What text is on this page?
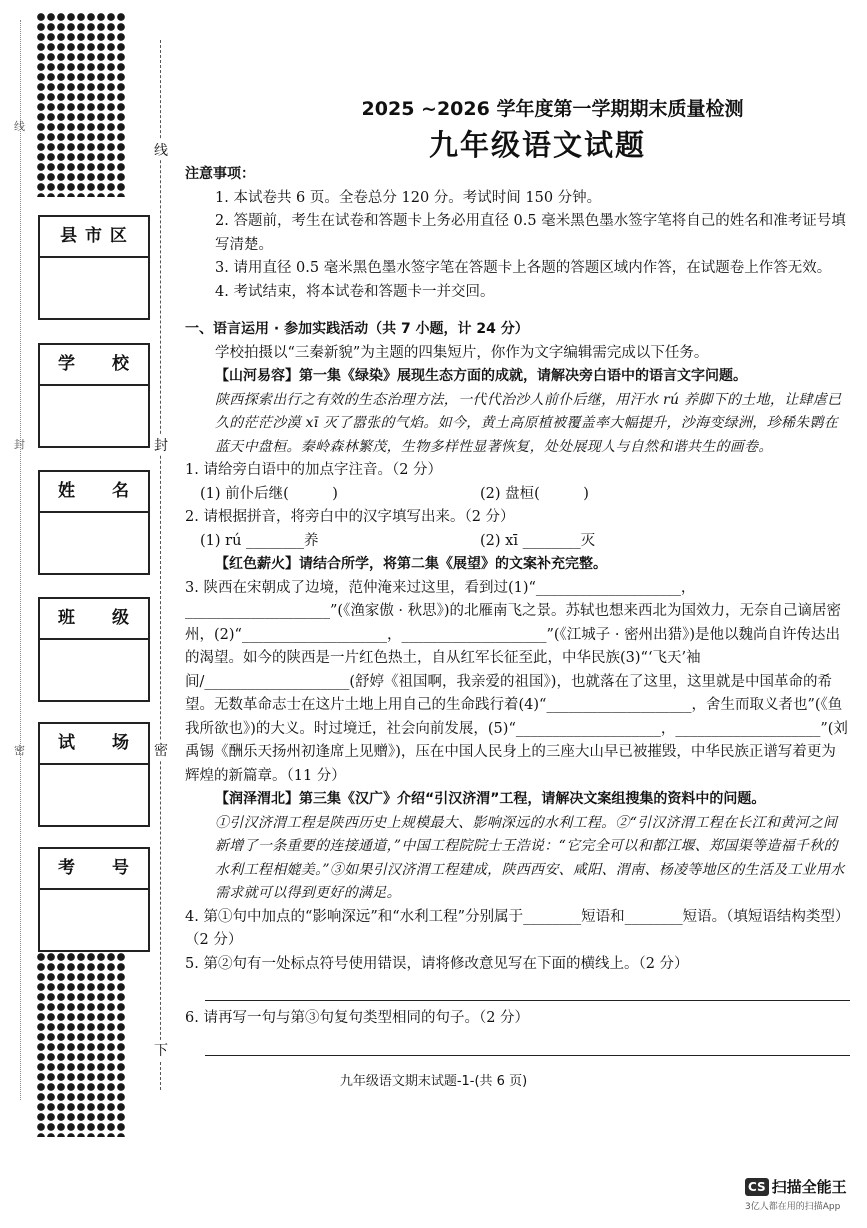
线
封
密
县 市 区
学　　校
姓　　名
班　　级
试　　场
考　　号
线
封
密
下
2025 ~2026 学年度第一学期期末质量检测
九年级语文试题

注意事项：

1. 本试卷共 6 页。全卷总分 120 分。考试时间 150 分钟。

2. 答题前，考生在试卷和答题卡上务必用直径 0.5 毫米黑色墨水签字笔将自己的姓名和准考证号填写清楚。

3. 请用直径 0.5 毫米黑色墨水签字笔在答题卡上各题的答题区域内作答，在试题卷上作答无效。

4. 考试结束，将本试卷和答题卡一并交回。

一、语言运用 · 参加实践活动（共 7 小题，计 24 分）

学校拍摄以“三秦新貌”为主题的四集短片，你作为文字编辑需完成以下任务。

【山河易容】第一集《绿染》展现生态方面的成就，请解决旁白语中的语言文字问题。

陕西探索出行之有效的生态治理方法，一代代治沙人前仆后继，用汗水 rú 养脚下的土地，让肆虐已久的茫茫沙漠 xī 灭了嚣张的气焰。如今，黄土高原植被覆盖率大幅提升，沙海变绿洲，珍稀朱鹮在蓝天中盘桓。秦岭森林繁茂，生物多样性显著恢复，处处展现人与自然和谐共生的画卷。

1. 请给旁白语中的加点字注音。（2 分）

(1) 前仆后继(　　　)	(2) 盘桓(　　　)

2. 请根据拼音，将旁白中的汉字填写出来。（2 分）

(1) rú ________养	(2) xī ________灭

【红色薪火】请结合所学，将第二集《展望》的文案补充完整。

3. 陕西在宋朝成了边境，范仲淹来过这里，看到过(1)“____________________，____________________”(《渔家傲 · 秋思》)的北雁南飞之景。苏轼也想来西北为国效力，无奈自己谪居密州，(2)“____________________，____________________”(《江城子 · 密州出猎》)是他以魏尚自许传达出的渴望。如今的陕西是一片红色热土，自从红军长征至此，中华民族(3)“‘飞天’袖间/____________________(舒婷《祖国啊，我亲爱的祖国》)，也就落在了这里，这里就是中国革命的希望。无数革命志士在这片土地上用自己的生命践行着(4)“____________________，舍生而取义者也”(《鱼我所欲也》)的大义。时过境迁，社会向前发展，(5)“____________________，____________________”(刘禹锡《酬乐天扬州初逢席上见赠》)，压在中国人民身上的三座大山早已被摧毁，中华民族正谱写着更为辉煌的新篇章。（11 分）

【润泽渭北】第三集《汉广》介绍“引汉济渭”工程，请解决文案组搜集的资料中的问题。

①引汉济渭工程是陕西历史上规模最大、影响深远的水利工程。②“引汉济渭工程在长江和黄河之间新增了一条重要的连接通道，”中国工程院院士王浩说：“它完全可以和都江堰、郑国渠等造福千秋的水利工程相媲美。”③如果引汉济渭工程建成，陕西西安、咸阳、渭南、杨凌等地区的生活及工业用水需求就可以得到更好的满足。

4. 第①句中加点的“影响深远”和“水利工程”分别属于________短语和________短语。（填短语结构类型）（2 分）

5. 第②句有一处标点符号使用错误，请将修改意见写在下面的横线上。（2 分）

6. 请再写一句与第③句复句类型相同的句子。（2 分）

九年级语文期末试题-1-(共 6 页)
CS 扫描全能王
3亿人都在用的扫描App
